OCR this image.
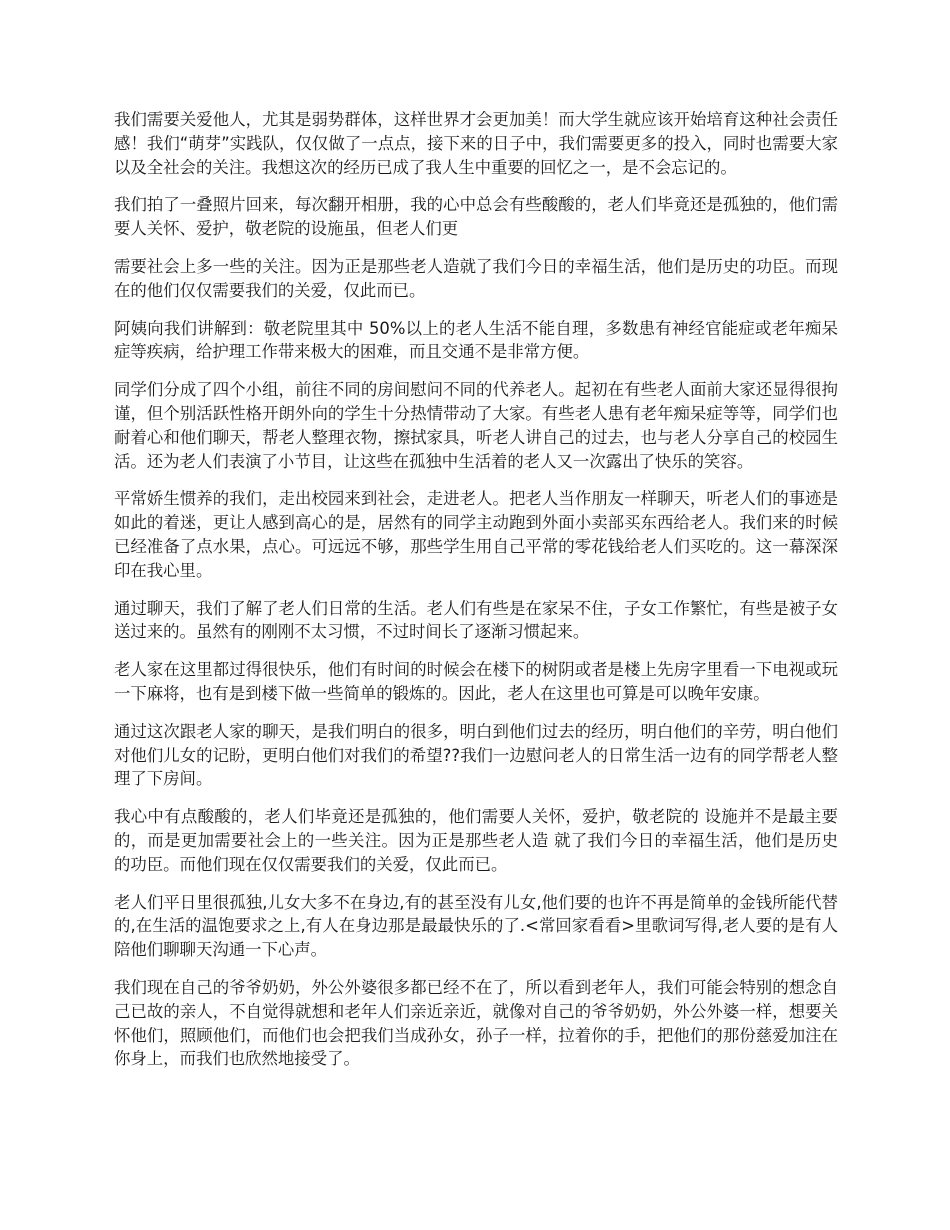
我们需要关爱他人，尤其是弱势群体，这样世界才会更加美！而大学生就应该开始培育这种社会责任感！我们“萌芽”实践队，仅仅做了一点点，接下来的日子中，我们需要更多的投入，同时也需要大家以及全社会的关注。我想这次的经历已成了我人生中重要的回忆之一，是不会忘记的。

我们拍了一叠照片回来，每次翻开相册，我的心中总会有些酸酸的，老人们毕竟还是孤独的，他们需要人关怀、爱护，敬老院的设施虽，但老人们更

需要社会上多一些的关注。因为正是那些老人造就了我们今日的幸福生活，他们是历史的功臣。而现在的他们仅仅需要我们的关爱，仅此而已。

阿姨向我们讲解到：敬老院里其中 50%以上的老人生活不能自理，多数患有神经官能症或老年痴呆症等疾病，给护理工作带来极大的困难，而且交通不是非常方便。

同学们分成了四个小组，前往不同的房间慰问不同的代养老人。起初在有些老人面前大家还显得很拘谨，但个别活跃性格开朗外向的学生十分热情带动了大家。有些老人患有老年痴呆症等等，同学们也耐着心和他们聊天，帮老人整理衣物，擦拭家具，听老人讲自己的过去，也与老人分享自己的校园生活。还为老人们表演了小节目，让这些在孤独中生活着的老人又一次露出了快乐的笑容。

平常娇生惯养的我们，走出校园来到社会，走进老人。把老人当作朋友一样聊天，听老人们的事迹是如此的着迷，更让人感到高心的是，居然有的同学主动跑到外面小卖部买东西给老人。我们来的时候已经准备了点水果，点心。可远远不够，那些学生用自己平常的零花钱给老人们买吃的。这一幕深深印在我心里。

通过聊天，我们了解了老人们日常的生活。老人们有些是在家呆不住，子女工作繁忙，有些是被子女送过来的。虽然有的刚刚不太习惯，不过时间长了逐渐习惯起来。

老人家在这里都过得很快乐，他们有时间的时候会在楼下的树阴或者是楼上先房字里看一下电视或玩一下麻将，也有是到楼下做一些简单的锻炼的。因此，老人在这里也可算是可以晚年安康。

通过这次跟老人家的聊天，是我们明白的很多，明白到他们过去的经历，明白他们的辛劳，明白他们对他们儿女的记盼，更明白他们对我们的希望??我们一边慰问老人的日常生活一边有的同学帮老人整理了下房间。

我心中有点酸酸的，老人们毕竟还是孤独的，他们需要人关怀，爱护，敬老院的 设施并不是最主要的，而是更加需要社会上的一些关注。因为正是那些老人造 就了我们今日的幸福生活，他们是历史的功臣。而他们现在仅仅需要我们的关爱，仅此而已。

老人们平日里很孤独,儿女大多不在身边,有的甚至没有儿女,他们要的也许不再是简单的金钱所能代替的,在生活的温饱要求之上,有人在身边那是最最快乐的了.<常回家看看>里歌词写得,老人要的是有人陪他们聊聊天沟通一下心声。

我们现在自己的爷爷奶奶，外公外婆很多都已经不在了，所以看到老年人，我们可能会特别的想念自己已故的亲人，不自觉得就想和老年人们亲近亲近，就像对自己的爷爷奶奶，外公外婆一样，想要关怀他们，照顾他们，而他们也会把我们当成孙女，孙子一样，拉着你的手，把他们的那份慈爱加注在你身上，而我们也欣然地接受了。
